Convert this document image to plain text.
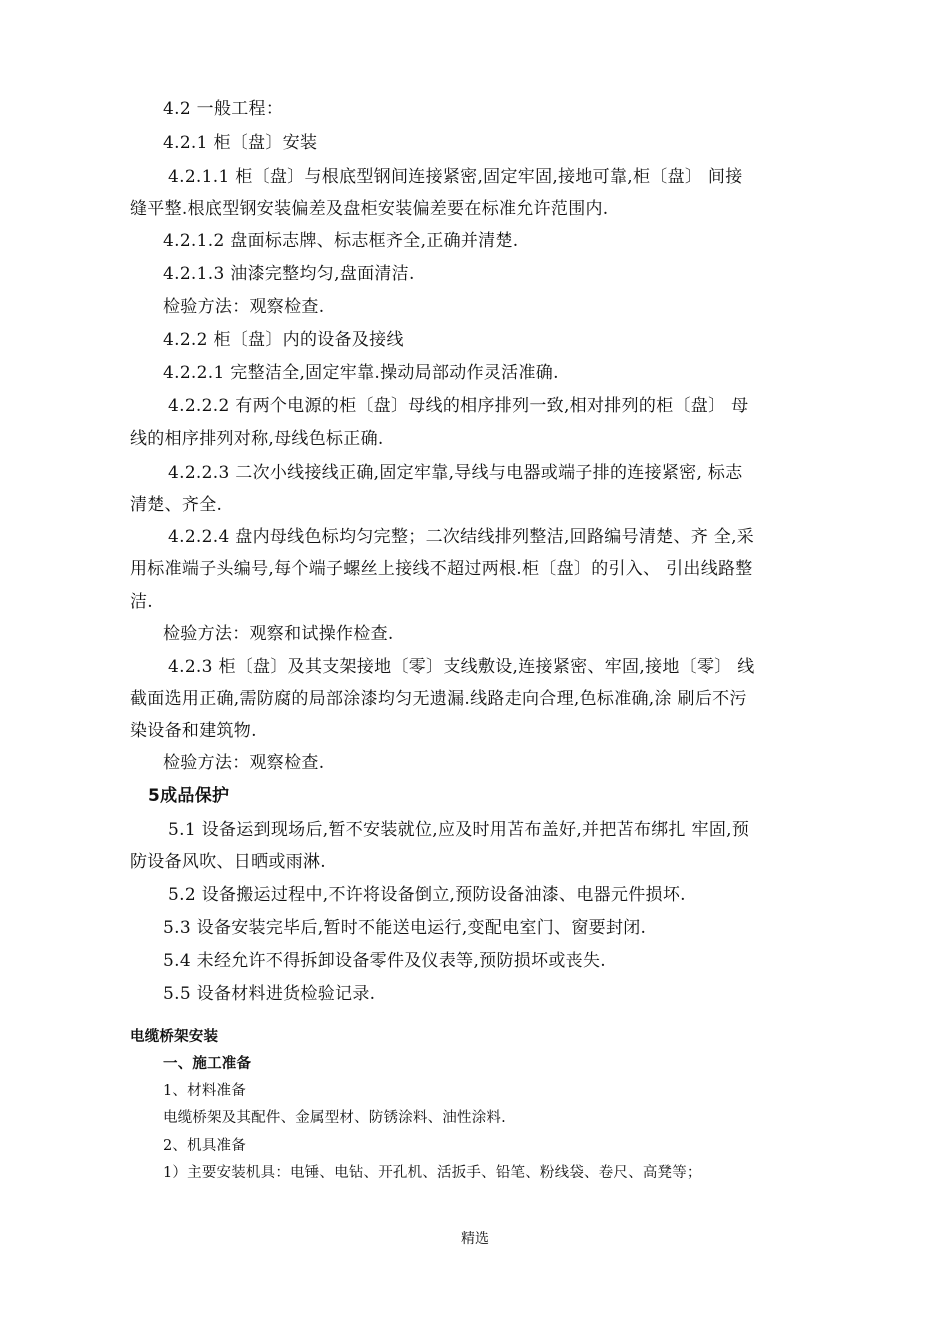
4.2 一般工程：
4.2.1 柜〔盘〕安装
4.2.1.1 柜〔盘〕与根底型钢间连接紧密,固定牢固,接地可靠,柜〔盘〕 间接
缝平整.根底型钢安装偏差及盘柜安装偏差要在标准允许范围内.
4.2.1.2 盘面标志牌、标志框齐全,正确并清楚.
4.2.1.3 油漆完整均匀,盘面清洁.
检验方法：观察检查.
4.2.2 柜〔盘〕内的设备及接线
4.2.2.1 完整洁全,固定牢靠.操动局部动作灵活准确.
4.2.2.2 有两个电源的柜〔盘〕母线的相序排列一致,相对排列的柜〔盘〕 母
线的相序排列对称,母线色标正确.
4.2.2.3 二次小线接线正确,固定牢靠,导线与电器或端子排的连接紧密, 标志
清楚、齐全.
4.2.2.4 盘内母线色标均匀完整；二次结线排列整洁,回路编号清楚、齐 全,采
用标准端子头编号,每个端子螺丝上接线不超过两根.柜〔盘〕的引入、 引出线路整
洁.
检验方法：观察和试操作检查.
4.2.3 柜〔盘〕及其支架接地〔零〕支线敷设,连接紧密、牢固,接地〔零〕 线
截面选用正确,需防腐的局部涂漆均匀无遗漏.线路走向合理,色标准确,涂 刷后不污
染设备和建筑物.
检验方法：观察检查.
5成品保护
5.1 设备运到现场后,暂不安装就位,应及时用苫布盖好,并把苫布绑扎 牢固,预
防设备风吹、日晒或雨淋.
5.2 设备搬运过程中,不许将设备倒立,预防设备油漆、电器元件损坏.
5.3 设备安装完毕后,暂时不能送电运行,变配电室门、窗要封闭.
5.4 未经允许不得拆卸设备零件及仪表等,预防损坏或丧失.
5.5 设备材料进货检验记录.
电缆桥架安装
一、施工准备
1、材料准备
电缆桥架及其配件、金属型材、防锈涂料、油性涂料.
2、机具准备
1）主要安装机具：电锤、电钻、开孔机、活扳手、铅笔、粉线袋、卷尺、高凳等；
精选
